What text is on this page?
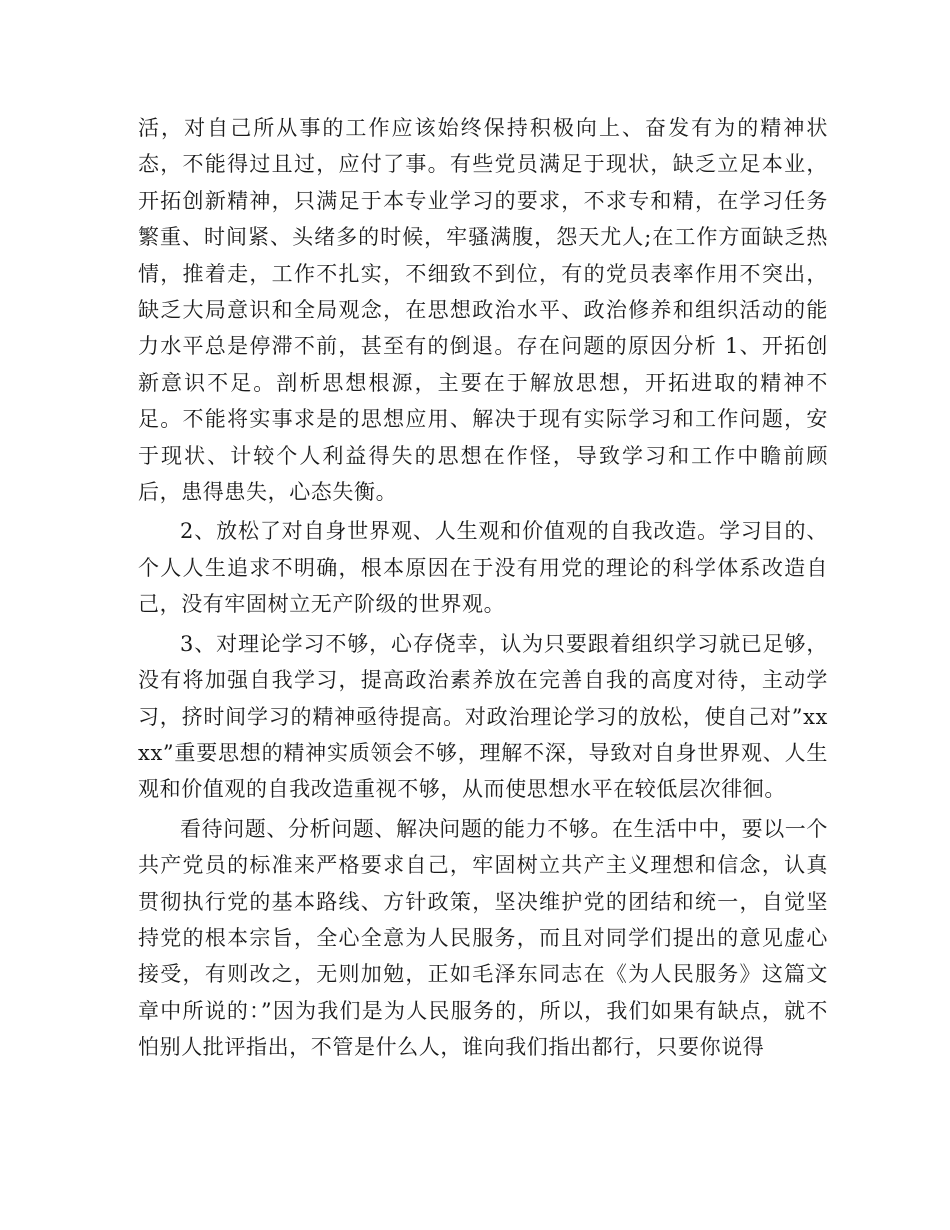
活，对自己所从事的工作应该始终保持积极向上、奋发有为的精神状态，不能得过且过，应付了事。有些党员满足于现状，缺乏立足本业，开拓创新精神，只满足于本专业学习的要求，不求专和精，在学习任务繁重、时间紧、头绪多的时候，牢骚满腹，怨天尤人;在工作方面缺乏热情，推着走，工作不扎实，不细致不到位，有的党员表率作用不突出，缺乏大局意识和全局观念，在思想政治水平、政治修养和组织活动的能力水平总是停滞不前，甚至有的倒退。存在问题的原因分析 1、开拓创新意识不足。剖析思想根源，主要在于解放思想，开拓进取的精神不足。不能将实事求是的思想应用、解决于现有实际学习和工作问题，安于现状、计较个人利益得失的思想在作怪，导致学习和工作中瞻前顾后，患得患失，心态失衡。

2、放松了对自身世界观、人生观和价值观的自我改造。学习目的、个人人生追求不明确，根本原因在于没有用党的理论的科学体系改造自己，没有牢固树立无产阶级的世界观。

3、对理论学习不够，心存侥幸，认为只要跟着组织学习就已足够，没有将加强自我学习，提高政治素养放在完善自我的高度对待，主动学习，挤时间学习的精神亟待提高。对政治理论学习的放松，使自己对”xxxx”重要思想的精神实质领会不够，理解不深，导致对自身世界观、人生观和价值观的自我改造重视不够，从而使思想水平在较低层次徘徊。

看待问题、分析问题、解决问题的能力不够。在生活中中，要以一个共产党员的标准来严格要求自己，牢固树立共产主义理想和信念，认真贯彻执行党的基本路线、方针政策，坚决维护党的团结和统一，自觉坚持党的根本宗旨，全心全意为人民服务，而且对同学们提出的意见虚心接受，有则改之，无则加勉，正如毛泽东同志在《为人民服务》这篇文章中所说的：”因为我们是为人民服务的，所以，我们如果有缺点，就不怕别人批评指出，不管是什么人，谁向我们指出都行，只要你说得
